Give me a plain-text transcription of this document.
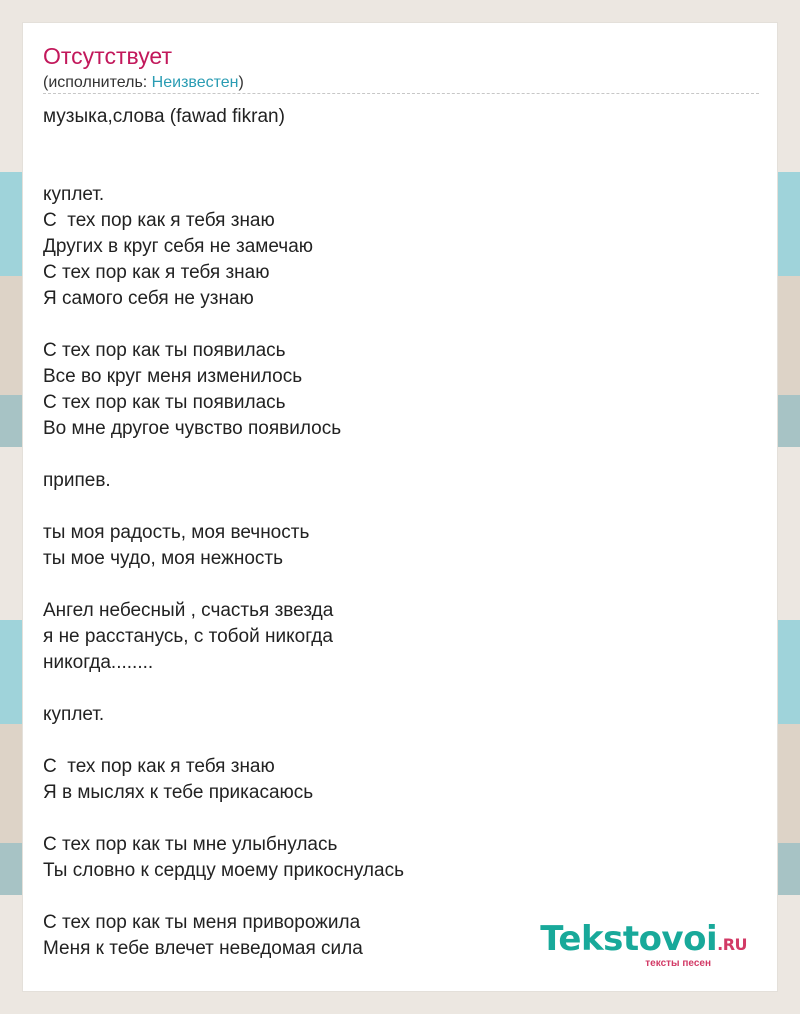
Отсутствует
(исполнитель: Неизвестен)
музыка,слова (fawad fikran)
куплет.
С  тех пор как я тебя знаю
Других в круг себя не замечаю
С тех пор как я тебя знаю
Я самого себя не узнаю
С тех пор как ты появилась
Все во круг меня изменилось
С тех пор как ты появилась
Во мне другое чувство появилось
припев.
ты моя радость, моя вечность
ты мое чудо, моя нежность
Ангел небесный , счастья звезда
я не расстанусь, с тобой никогда
никогда........
куплет.
С  тех пор как я тебя знаю
Я в мыслях к тебе прикасаюсь
С тех пор как ты мне улыбнулась
Ты словно к сердцу моему прикоснулась
С тех пор как ты меня приворожила
Меня к тебе влечет неведомая сила	Tekstovoi.RU
тексты песен
